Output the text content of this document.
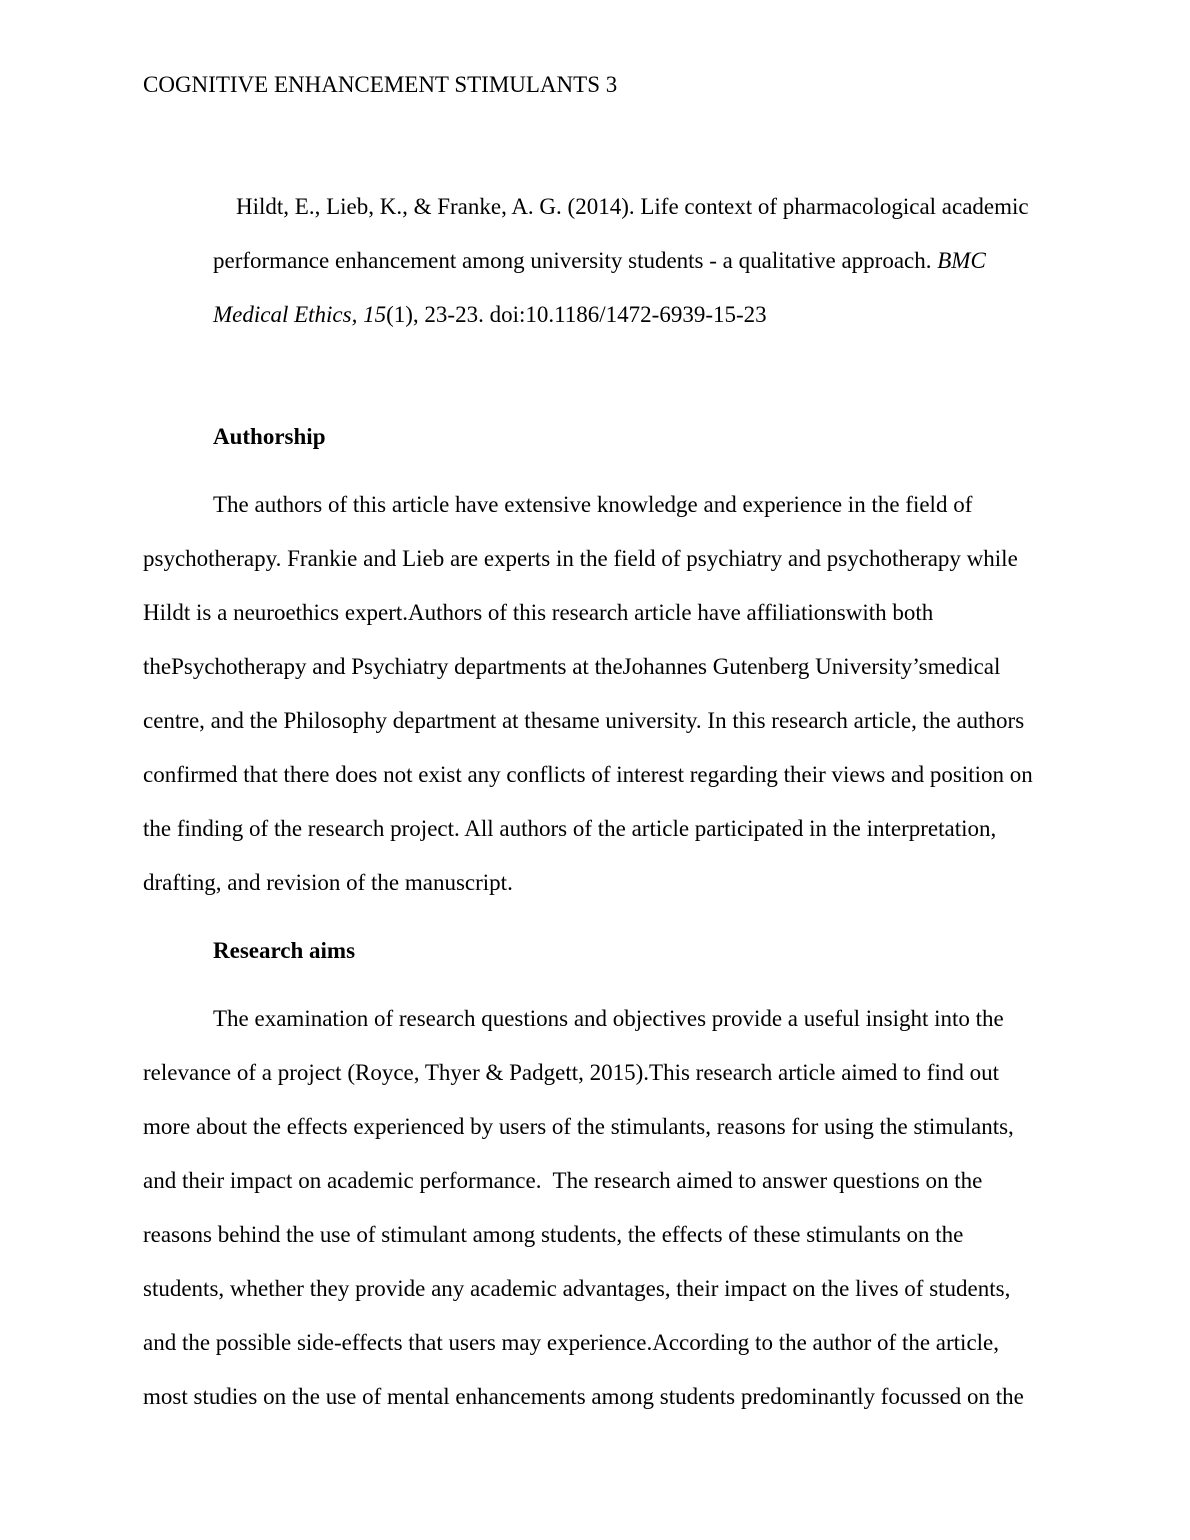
COGNITIVE ENHANCEMENT STIMULANTS 3

Hildt, E., Lieb, K., & Franke, A. G. (2014). Life context of pharmacological academic performance enhancement among university students - a qualitative approach. BMC Medical Ethics, 15(1), 23-23. doi:10.1186/1472-6939-15-23

Authorship

The authors of this article have extensive knowledge and experience in the field of psychotherapy. Frankie and Lieb are experts in the field of psychiatry and psychotherapy while Hildt is a neuroethics expert.Authors of this research article have affiliationswith both thePsychotherapy and Psychiatry departments at theJohannes Gutenberg University’smedical centre, and the Philosophy department at thesame university. In this research article, the authors confirmed that there does not exist any conflicts of interest regarding their views and position on the finding of the research project. All authors of the article participated in the interpretation, drafting, and revision of the manuscript.

Research aims

The examination of research questions and objectives provide a useful insight into the relevance of a project (Royce, Thyer & Padgett, 2015).This research article aimed to find out more about the effects experienced by users of the stimulants, reasons for using the stimulants, and their impact on academic performance.  The research aimed to answer questions on the reasons behind the use of stimulant among students, the effects of these stimulants on the students, whether they provide any academic advantages, their impact on the lives of students, and the possible side-effects that users may experience.According to the author of the article, most studies on the use of mental enhancements among students predominantly focussed on the
